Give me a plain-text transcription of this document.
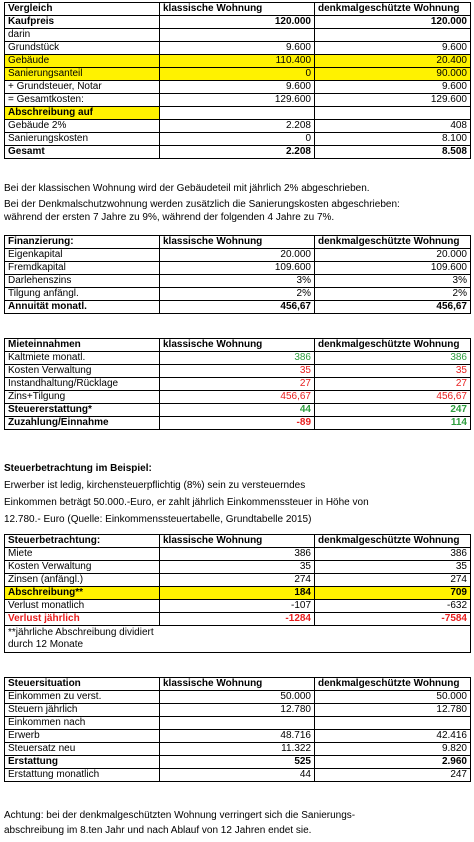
Vergleich	klassische Wohnung	denkmalgeschützte Wohnung
Kaufpreis	120.000	120.000
darin		
Grundstück	9.600	9.600
Gebäude	110.400	20.400
Sanierungsanteil	0	90.000
+ Grundsteuer, Notar	9.600	9.600
= Gesamtkosten:	129.600	129.600
Abschreibung auf		
Gebäude 2%	2.208	408
Sanierungskosten	0	8.100
Gesamt	2.208	8.508

Bei der klassischen Wohnung wird der Gebäudeteil mit jährlich 2% abgeschrieben.

Bei der Denkmalschutzwohnung werden zusätzlich die Sanierungskosten abgeschrieben:

während der ersten 7 Jahre zu 9%, während der folgenden 4 Jahre zu 7%.

Finanzierung:	klassische Wohnung	denkmalgeschützte Wohnung
Eigenkapital	20.000	20.000
Fremdkapital	109.600	109.600
Darlehenszins	3%	3%
Tilgung anfängl.	2%	2%
Annuität monatl.	456,67	456,67
Mieteinnahmen	klassische Wohnung	denkmalgeschützte Wohnung
Kaltmiete monatl.	386	386
Kosten Verwaltung	35	35
Instandhaltung/Rücklage	27	27
Zins+Tilgung	456,67	456,67
Steuererstattung*	44	247
Zuzahlung/Einnahme	-89	114

Steuerbetrachtung im Beispiel:

Erwerber ist ledig, kirchensteuerpflichtig (8%) sein zu versteuerndes

Einkommen beträgt 50.000.-Euro, er zahlt jährlich Einkommenssteuer in Höhe von

12.780.- Euro (Quelle: Einkommenssteuertabelle, Grundtabelle 2015)

Steuerbetrachtung:	klassische Wohnung	denkmalgeschützte Wohnung
Miete	386	386
Kosten Verwaltung	35	35
Zinsen (anfängl.)	274	274
Abschreibung**	184	709
Verlust monatlich	-107	-632
Verlust jährlich	-1284	-7584

**jährliche Abschreibung dividiert
durch 12 Monate		
Steuersituation	klassische Wohnung	denkmalgeschützte Wohnung
Einkommen zu verst.	50.000	50.000
Steuern jährlich	12.780	12.780
Einkommen nach		
Erwerb	48.716	42.416
Steuersatz neu	11.322	9.820
Erstattung	525	2.960
Erstattung monatlich	44	247

Achtung: bei der denkmalgeschützten Wohnung verringert sich die Sanierungs-

abschreibung im 8.ten Jahr und nach Ablauf von 12 Jahren endet sie.
